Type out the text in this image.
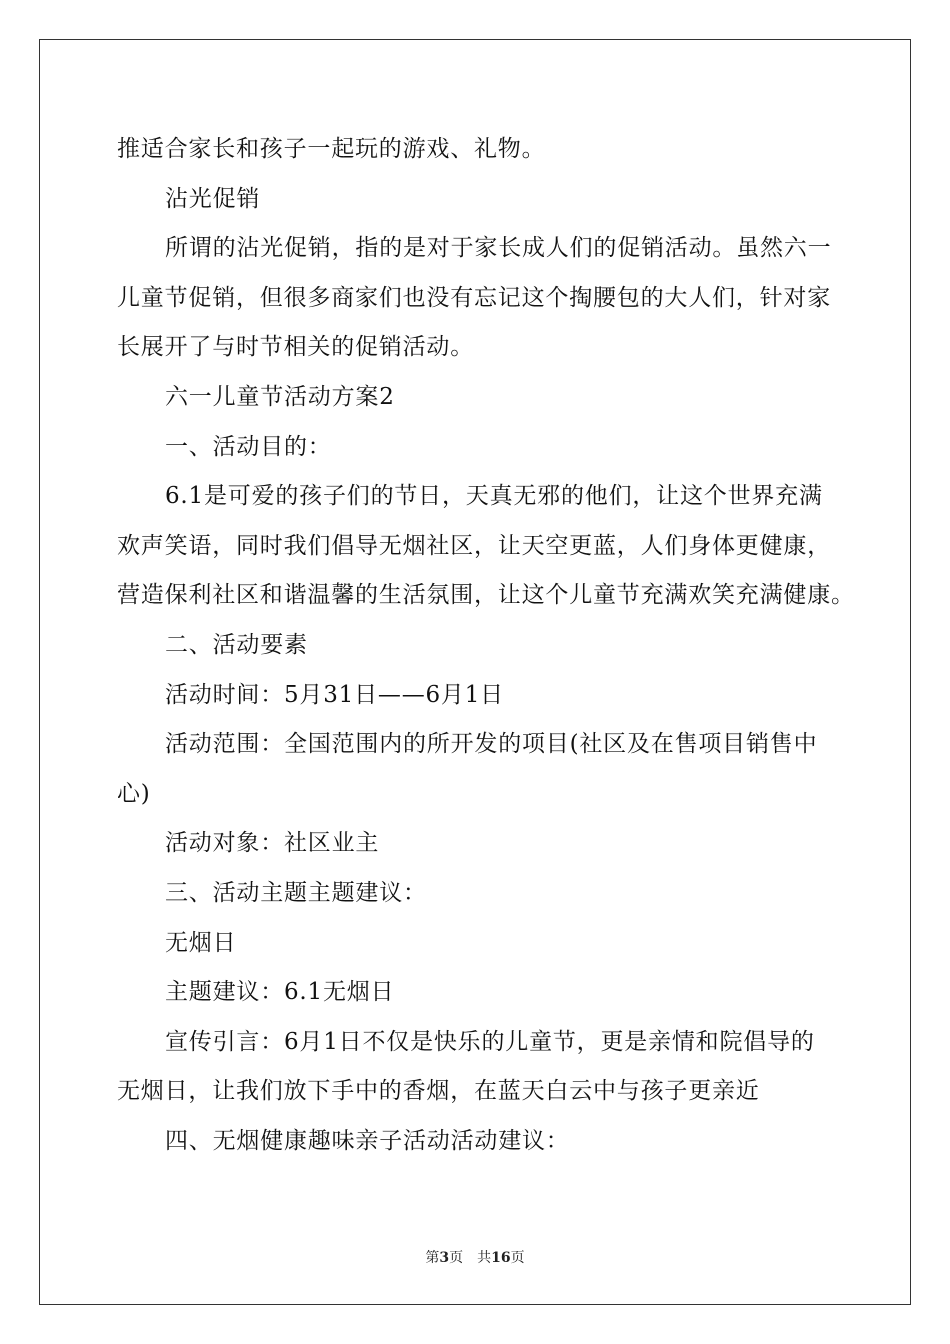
推适合家长和孩子一起玩的游戏、礼物。
沾光促销
所谓的沾光促销，指的是对于家长成人们的促销活动。虽然六一
儿童节促销，但很多商家们也没有忘记这个掏腰包的大人们，针对家
长展开了与时节相关的促销活动。
六一儿童节活动方案2
一、活动目的：
6.1是可爱的孩子们的节日，天真无邪的他们，让这个世界充满
欢声笑语，同时我们倡导无烟社区，让天空更蓝，人们身体更健康，
营造保利社区和谐温馨的生活氛围，让这个儿童节充满欢笑充满健康。
二、活动要素
活动时间：5月31日——6月1日
活动范围：全国范围内的所开发的项目(社区及在售项目销售中
心)
活动对象：社区业主
三、活动主题主题建议：
无烟日
主题建议：6.1无烟日
宣传引言：6月1日不仅是快乐的儿童节，更是亲情和院倡导的
无烟日，让我们放下手中的香烟，在蓝天白云中与孩子更亲近
四、无烟健康趣味亲子活动活动建议：
第3页 共16页
